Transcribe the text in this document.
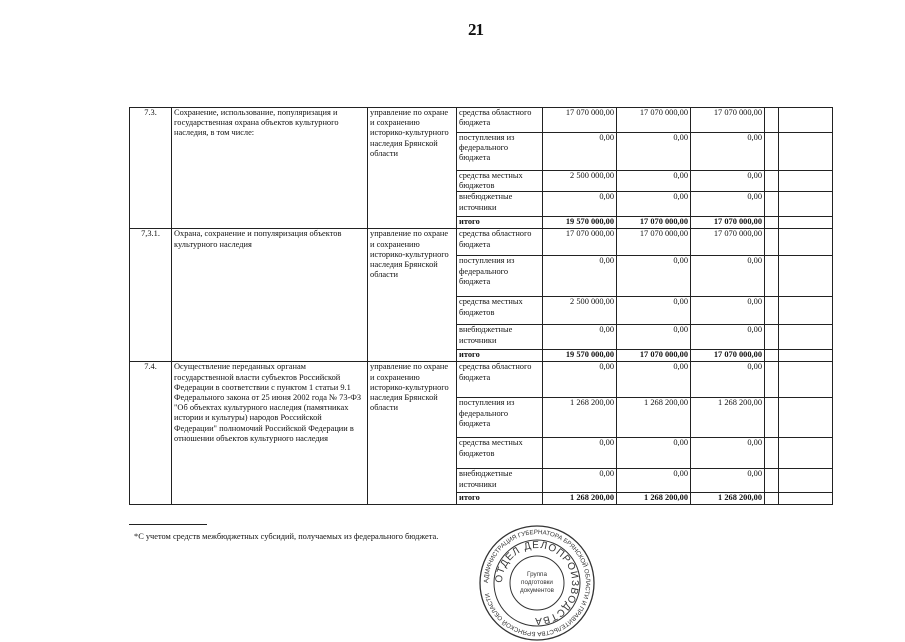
21
7.3.	Сохранение, использование, популяризация и государственная охрана объектов культурного наследия, в том числе:	управление по охране и сохранению историко-культурного наследия Брянской области	средства областного бюджета	17 070 000,00	17 070 000,00	17 070 000,00		
			поступления из федерального бюджета	0,00	0,00	0,00		
			средства местных бюджетов	2 500 000,00	0,00	0,00		
			внебюджетные источники	0,00	0,00	0,00		
			итого	19 570 000,00	17 070 000,00	17 070 000,00		
7,3.1.	Охрана, сохранение и популяризация объектов культурного наследия	управление по охране и сохранению историко-культурного наследия Брянской области	средства областного бюджета	17 070 000,00	17 070 000,00	17 070 000,00		
			поступления из федерального бюджета	0,00	0,00	0,00		
			средства местных бюджетов	2 500 000,00	0,00	0,00		
			внебюджетные источники	0,00	0,00	0,00		
			итого	19 570 000,00	17 070 000,00	17 070 000,00		
7.4.	Осуществление переданных органам государственной власти субъектов Российской Федерации в соответствии с пунктом 1 статьи 9.1 Федерального закона от 25 июня 2002 года № 73-ФЗ "Об объектах культурного наследия (памятниках истории и культуры) народов Российской Федерации" полномочий Российской Федерации в отношении объектов культурного наследия	управление по охране и сохранению историко-культурного наследия Брянской области	средства областного бюджета	0,00	0,00	0,00		
			поступления из федерального бюджета	1 268 200,00	1 268 200,00	1 268 200,00		
			средства местных бюджетов	0,00	0,00	0,00		
			внебюджетные источники	0,00	0,00	0,00		
			итого	1 268 200,00	1 268 200,00	1 268 200,00		
*С учетом средств межбюджетных субсидий, получаемых из федерального бюджета.
АДМИНИСТРАЦИЯ ГУБЕРНАТОРА БРЯНСКОЙ ОБЛАСТИ И ПРАВИТЕЛЬСТВА БРЯНСКОЙ ОБЛАСТИ
ОТДЕЛ ДЕЛОПРОИЗВОДСТВА
Группа
подготовки
документов
